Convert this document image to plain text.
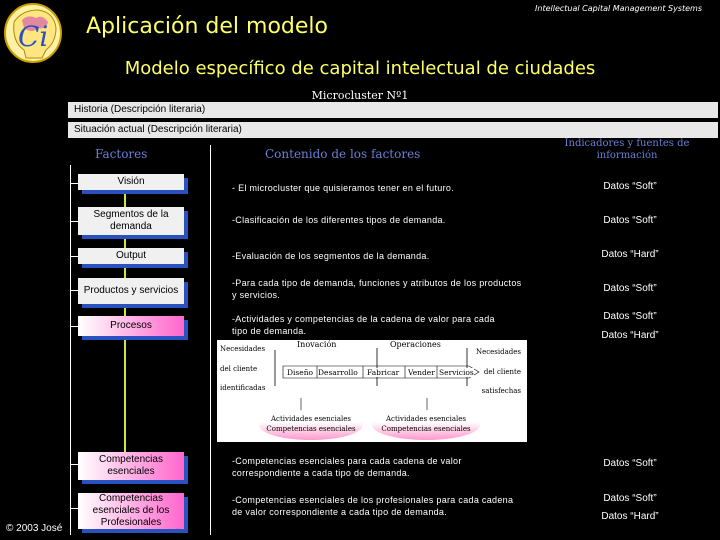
Ci Aplicación del modelo
Intellectual Capital Management Systems
Modelo específico de capital intelectual de ciudades
Microcluster Nº1
Historia (Descripción literaria)
Situación actual (Descripción literaria)
Factores	Contenido de los factores
Indicadores y fuentes de información
Visión
Segmentos de la demanda
Output
Productos y servicios
Procesos
Competencias esenciales
Competencias esenciales de los Profesionales
- El microcluster que quisieramos tener en el futuro.
-Clasificación de los diferentes tipos de demanda.
-Evaluación de los segmentos de la demanda.
-Para cada tipo de demanda, funciones y atributos de los productos y servicios.
-Actividades y competencias de la cadena de valor para cada tipo de demanda.
-Competencias esenciales para cada cadena de valor correspondiente a cada tipo de demanda.
-Competencias esenciales de los profesionales para cada cadena de valor correspondiente a cada tipo de demanda.
Datos “Soft”
Datos “Soft”
Datos “Hard”
Datos “Soft”
Datos “Soft”
Datos “Hard”
Datos “Soft”
Datos “Soft”
Datos “Hard”
Necesidades
del cliente
identificadas
Inovación	Operaciones
Necesidades
del cliente
satisfechas
Diseño Desarrollo Fabricar Vender Servicios
Actividades esenciales
Competencias esenciales
Actividades esenciales
Competencias esenciales
© 2003 José
